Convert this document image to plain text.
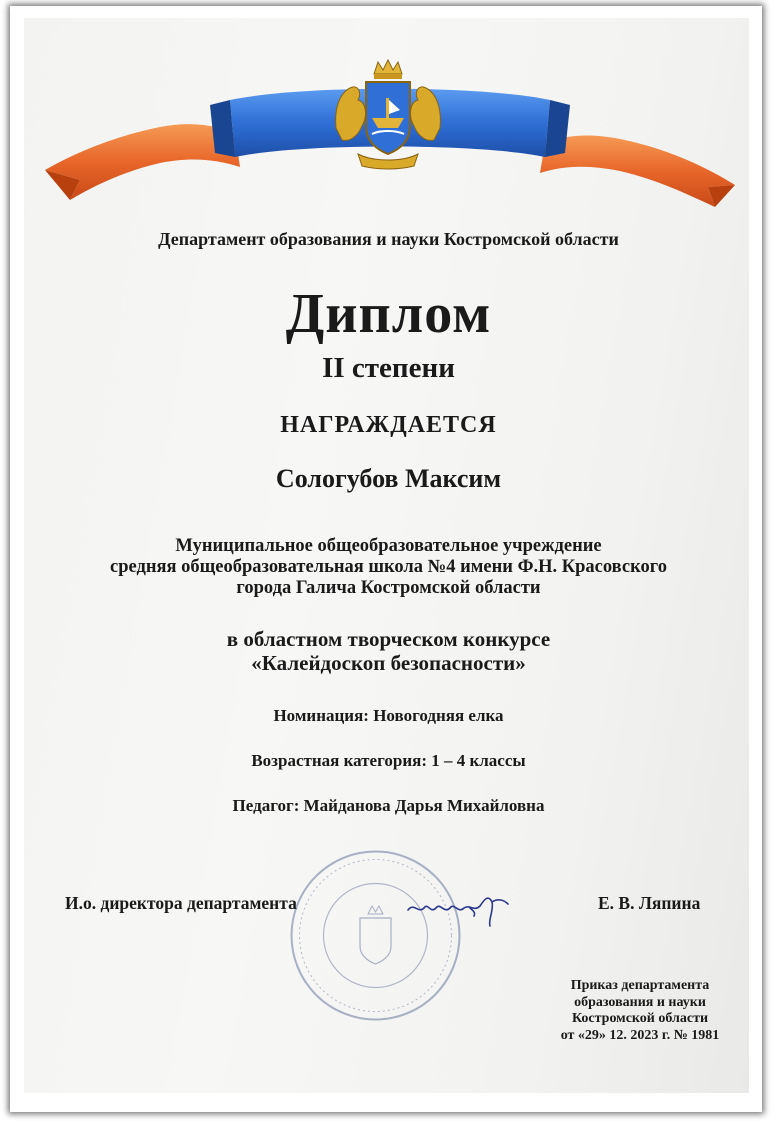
Департамент образования и науки Костромской области
Диплом
II степени
НАГРАЖДАЕТСЯ
Сологубов Максим
Муниципальное общеобразовательное учреждение
средняя общеобразовательная школа №4 имени Ф.Н. Красовского
города Галича Костромской области
в областном творческом конкурсе
«Калейдоскоп безопасности»
Номинация: Новогодняя елка
Возрастная категория: 1 – 4 классы
Педагог: Майданова Дарья Михайловна
И.о. директора департамента	Е. В. Ляпина
Приказ департамента
образования и науки
Костромской области
от «29» 12. 2023 г. № 1981
